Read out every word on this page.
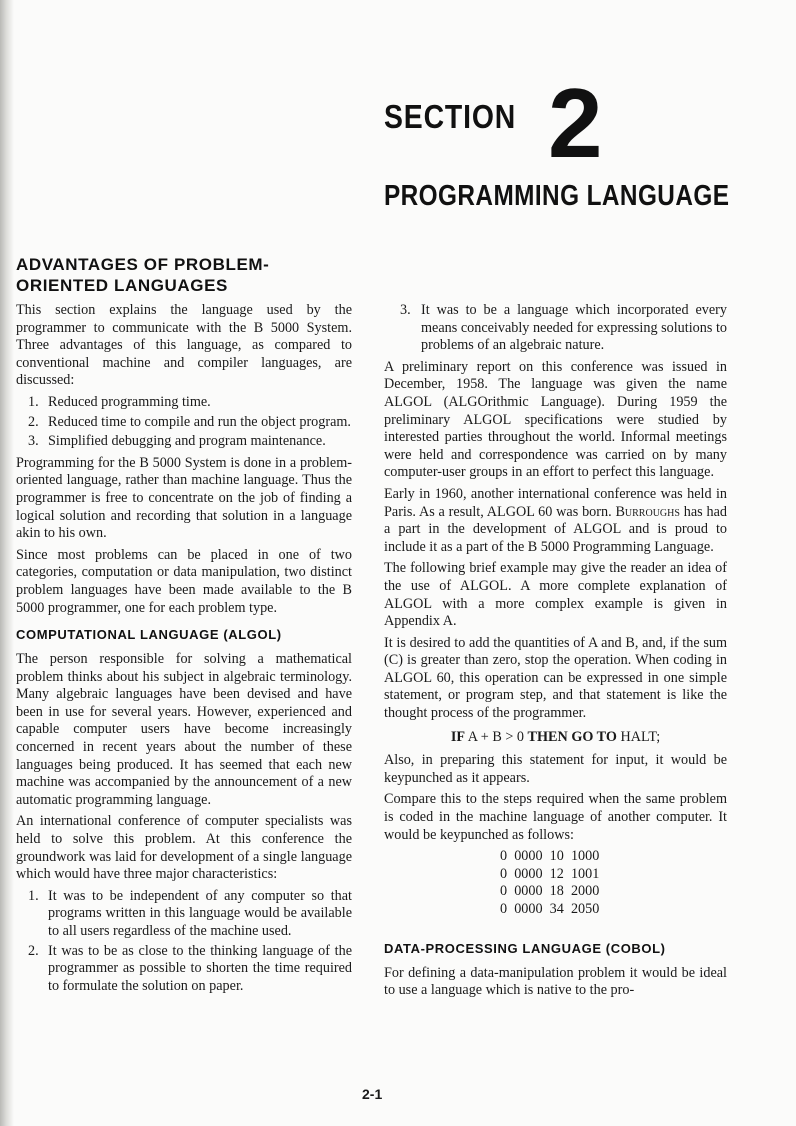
SECTION 2
PROGRAMMING LANGUAGE
ADVANTAGES OF PROBLEM-ORIENTED LANGUAGES

This section explains the language used by the programmer to communicate with the B 5000 System. Three advantages of this language, as compared to conventional machine and compiler languages, are discussed:

1. Reduced programming time.
2. Reduced time to compile and run the object program.
3. Simplified debugging and program maintenance.

Programming for the B 5000 System is done in a problem-oriented language, rather than machine language. Thus the programmer is free to concentrate on the job of finding a logical solution and recording that solution in a language akin to his own.

Since most problems can be placed in one of two categories, computation or data manipulation, two distinct problem languages have been made available to the B 5000 programmer, one for each problem type.

COMPUTATIONAL LANGUAGE (ALGOL)

The person responsible for solving a mathematical problem thinks about his subject in algebraic terminology. Many algebraic languages have been devised and have been in use for several years. However, experienced and capable computer users have become increasingly concerned in recent years about the number of these languages being produced. It has seemed that each new machine was accompanied by the announcement of a new automatic programming language.

An international conference of computer specialists was held to solve this problem. At this conference the groundwork was laid for development of a single language which would have three major characteristics:

1. It was to be independent of any computer so that programs written in this language would be available to all users regardless of the machine used.
2. It was to be as close to the thinking language of the programmer as possible to shorten the time required to formulate the solution on paper.
3. It was to be a language which incorporated every means conceivably needed for expressing solutions to problems of an algebraic nature.

A preliminary report on this conference was issued in December, 1958. The language was given the name ALGOL (ALGOrithmic Language). During 1959 the preliminary ALGOL specifications were studied by interested parties throughout the world. Informal meetings were held and correspondence was carried on by many computer-user groups in an effort to perfect this language.

Early in 1960, another international conference was held in Paris. As a result, ALGOL 60 was born. Burroughs has had a part in the development of ALGOL and is proud to include it as a part of the B 5000 Programming Language.

The following brief example may give the reader an idea of the use of ALGOL. A more complete explanation of ALGOL with a more complex example is given in Appendix A.

It is desired to add the quantities of A and B, and, if the sum (C) is greater than zero, stop the operation. When coding in ALGOL 60, this operation can be expressed in one simple statement, or program step, and that statement is like the thought process of the programmer.

IF A + B > 0 THEN GO TO HALT;

Also, in preparing this statement for input, it would be keypunched as it appears.

Compare this to the steps required when the same problem is coded in the machine language of another computer. It would be keypunched as follows:

0  0000  10  1000
0  0000  12  1001
0  0000  18  2000
0  0000  34  2050
DATA-PROCESSING LANGUAGE (COBOL)

For defining a data-manipulation problem it would be ideal to use a language which is native to the pro-

2-1
